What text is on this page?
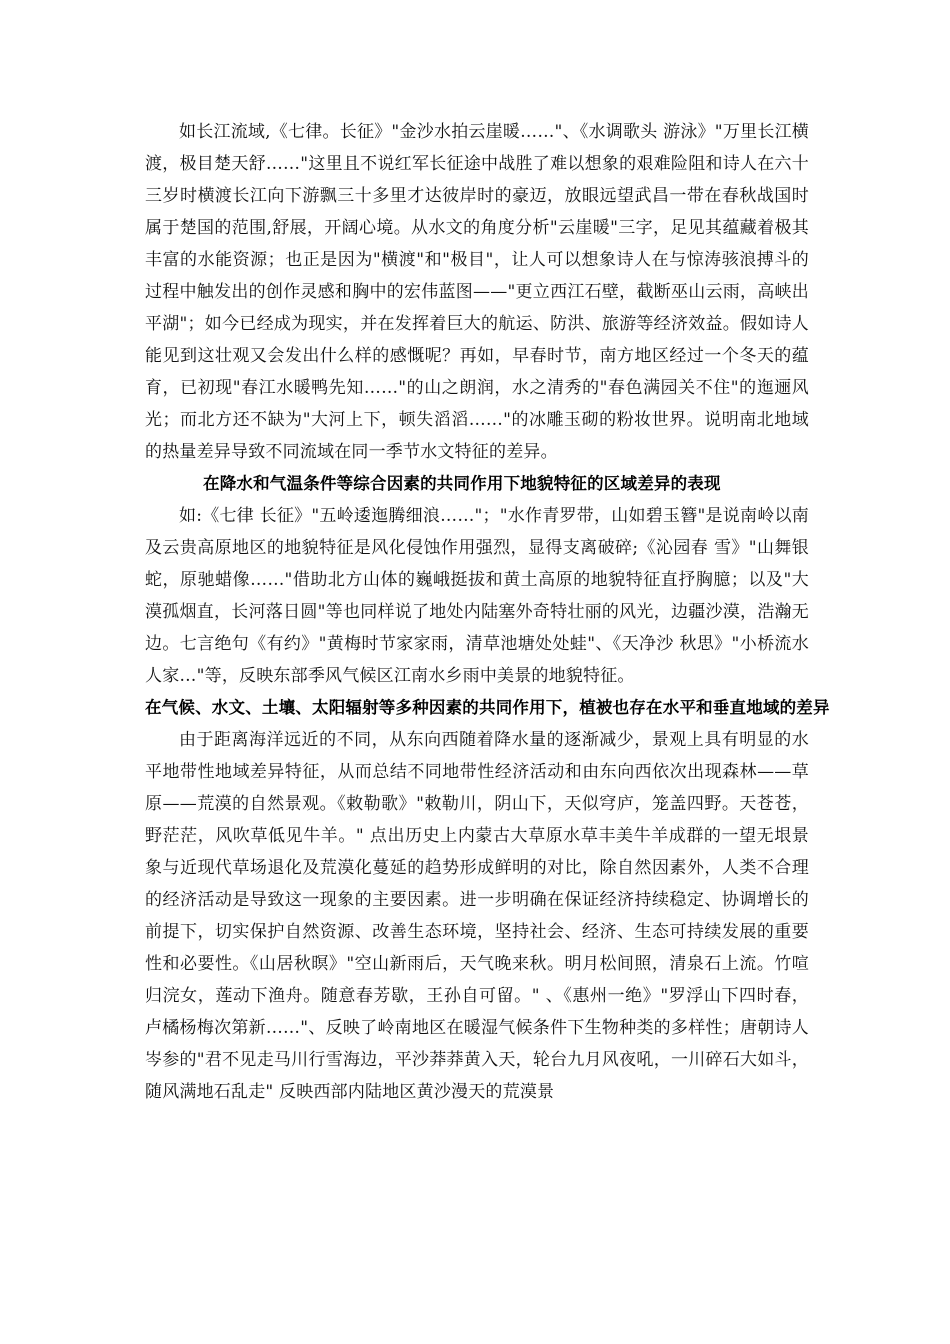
如长江流域,《七律。长征》"金沙水拍云崖暖……"、《水调歌头 游泳》"万里长江横渡，极目楚天舒……"这里且不说红军长征途中战胜了难以想象的艰难险阻和诗人在六十三岁时横渡长江向下游飘三十多里才达彼岸时的豪迈，放眼远望武昌一带在春秋战国时属于楚国的范围,舒展，开阔心境。从水文的角度分析"云崖暖"三字，足见其蕴藏着极其丰富的水能资源；也正是因为"横渡"和"极目"，让人可以想象诗人在与惊涛骇浪搏斗的过程中触发出的创作灵感和胸中的宏伟蓝图——"更立西江石壁，截断巫山云雨，高峡出平湖"；如今已经成为现实，并在发挥着巨大的航运、防洪、旅游等经济效益。假如诗人能见到这壮观又会发出什么样的感慨呢？再如，早春时节，南方地区经过一个冬天的蕴育，已初现"春江水暖鸭先知……"的山之朗润，水之清秀的"春色满园关不住"的迤逦风光；而北方还不缺为"大河上下，顿失滔滔……"的冰雕玉砌的粉妆世界。说明南北地域的热量差异导致不同流域在同一季节水文特征的差异。

在降水和气温条件等综合因素的共同作用下地貌特征的区域差异的表现

如:《七律 长征》"五岭逶迤腾细浪……"；"水作青罗带，山如碧玉簪"是说南岭以南及云贵高原地区的地貌特征是风化侵蚀作用强烈，显得支离破碎;《沁园春 雪》"山舞银蛇，原驰蜡像……"借助北方山体的巍峨挺拔和黄土高原的地貌特征直抒胸臆；以及"大漠孤烟直，长河落日圆"等也同样说了地处内陆塞外奇特壮丽的风光，边疆沙漠，浩瀚无边。七言绝句《有约》"黄梅时节家家雨，清草池塘处处蛙"、《天净沙 秋思》"小桥流水人家…"等，反映东部季风气候区江南水乡雨中美景的地貌特征。

在气候、水文、土壤、太阳辐射等多种因素的共同作用下，植被也存在水平和垂直地域的差异

由于距离海洋远近的不同，从东向西随着降水量的逐渐减少，景观上具有明显的水平地带性地域差异特征，从而总结不同地带性经济活动和由东向西依次出现森林——草原——荒漠的自然景观。《敕勒歌》"敕勒川，阴山下，天似穹庐，笼盖四野。天苍苍，野茫茫，风吹草低见牛羊。" 点出历史上内蒙古大草原水草丰美牛羊成群的一望无垠景象与近现代草场退化及荒漠化蔓延的趋势形成鲜明的对比，除自然因素外，人类不合理的经济活动是导致这一现象的主要因素。进一步明确在保证经济持续稳定、协调增长的前提下，切实保护自然资源、改善生态环境，坚持社会、经济、生态可持续发展的重要性和必要性。《山居秋暝》"空山新雨后，天气晚来秋。明月松间照，清泉石上流。竹喧归浣女，莲动下渔舟。随意春芳歇，王孙自可留。" 、《惠州一绝》"罗浮山下四时春，卢橘杨梅次第新……"、反映了岭南地区在暖湿气候条件下生物种类的多样性；唐朝诗人岑参的"君不见走马川行雪海边，平沙莽莽黄入天，轮台九月风夜吼，一川碎石大如斗，随风满地石乱走" 反映西部内陆地区黄沙漫天的荒漠景
